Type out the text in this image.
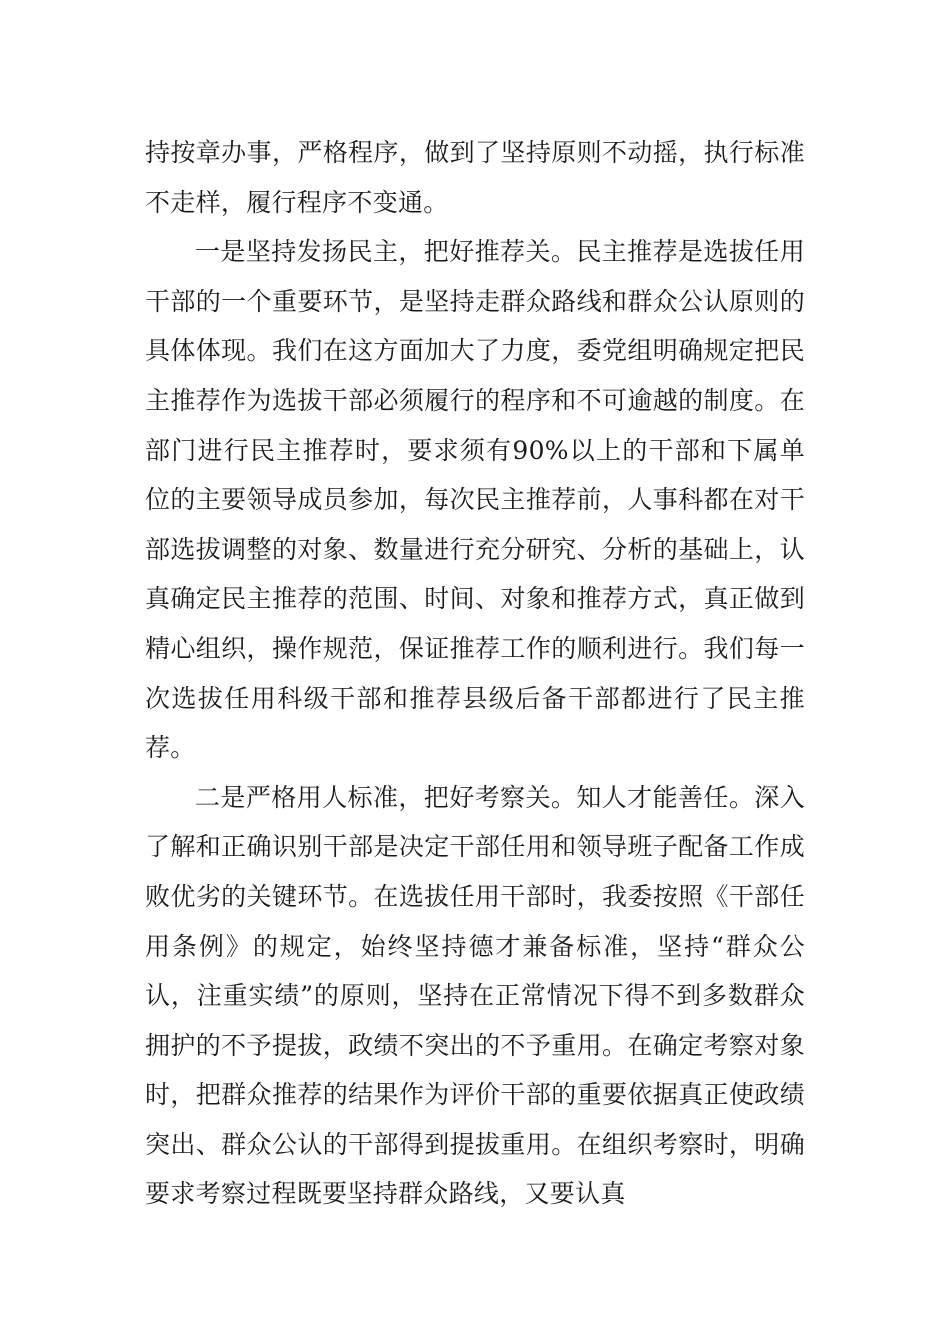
持按章办事，严格程序，做到了坚持原则不动摇，执行标准不走样，履行程序不变通。

一是坚持发扬民主，把好推荐关。民主推荐是选拔任用干部的一个重要环节，是坚持走群众路线和群众公认原则的具体体现。我们在这方面加大了力度，委党组明确规定把民主推荐作为选拔干部必须履行的程序和不可逾越的制度。在部门进行民主推荐时，要求须有90%以上的干部和下属单位的主要领导成员参加，每次民主推荐前，人事科都在对干部选拔调整的对象、数量进行充分研究、分析的基础上，认真确定民主推荐的范围、时间、对象和推荐方式，真正做到精心组织，操作规范，保证推荐工作的顺利进行。我们每一次选拔任用科级干部和推荐县级后备干部都进行了民主推荐。

二是严格用人标准，把好考察关。知人才能善任。深入了解和正确识别干部是决定干部任用和领导班子配备工作成败优劣的关键环节。在选拔任用干部时，我委按照《干部任用条例》的规定，始终坚持德才兼备标准，坚持“群众公认，注重实绩”的原则，坚持在正常情况下得不到多数群众拥护的不予提拔，政绩不突出的不予重用。在确定考察对象时，把群众推荐的结果作为评价干部的重要依据真正使政绩突出、群众公认的干部得到提拔重用。在组织考察时，明确要求考察过程既要坚持群众路线，又要认真
